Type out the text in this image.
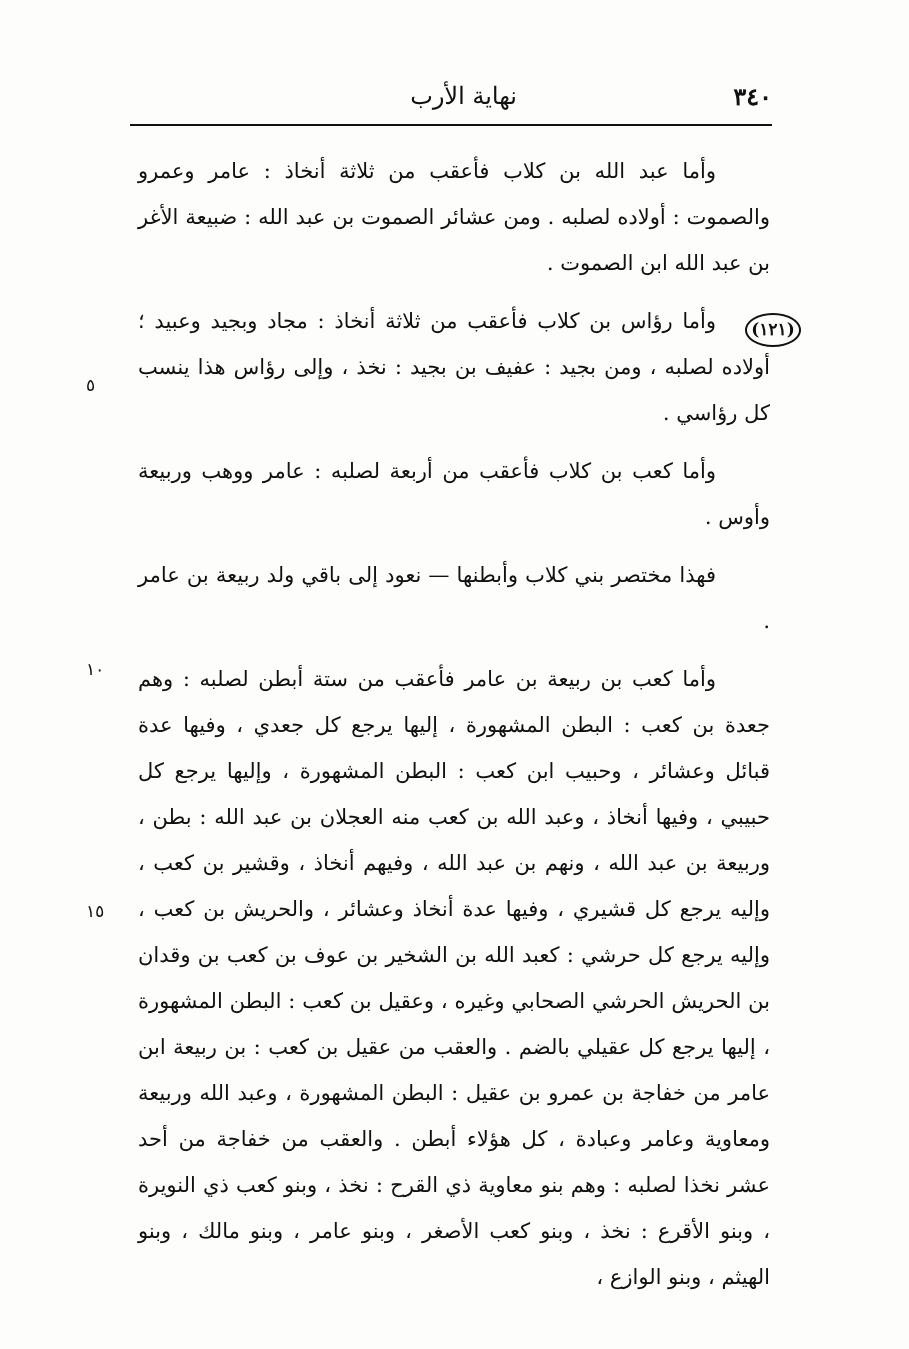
٣٤٠
نهاية الأرب
(١٢١)
٥
١٠
١٥

وأما عبد الله بن كلاب فأعقب من ثلاثة أنخاذ : عامر وعمرو والصموت : أولاده لصلبه . ومن عشائر الصموت بن عبد الله : ضبيعة الأغر بن عبد الله ابن الصموت .

وأما رؤاس بن كلاب فأعقب من ثلاثة أنخاذ : مجاد وبجيد وعبيد ؛ أولاده لصلبه ، ومن بجيد : عفيف بن بجيد : نخذ ، وإلى رؤاس هذا ينسب كل رؤاسي .

وأما كعب بن كلاب فأعقب من أربعة لصلبه : عامر ووهب وربيعة وأوس .

فهذا مختصر بني كلاب وأبطنها — نعود إلى باقي ولد ربيعة بن عامر .

وأما كعب بن ربيعة بن عامر فأعقب من ستة أبطن لصلبه : وهم جعدة بن كعب : البطن المشهورة ، إليها يرجع كل جعدي ، وفيها عدة قبائل وعشائر ، وحبيب ابن كعب : البطن المشهورة ، وإليها يرجع كل حبيبي ، وفيها أنخاذ ، وعبد الله بن كعب منه العجلان بن عبد الله : بطن ، وربيعة بن عبد الله ، ونهم بن عبد الله ، وفيهم أنخاذ ، وقشير بن كعب ، وإليه يرجع كل قشيري ، وفيها عدة أنخاذ وعشائر ، والحريش بن كعب ، وإليه يرجع كل حرشي : كعبد الله بن الشخير بن عوف بن كعب بن وقدان بن الحريش الحرشي الصحابي وغيره ، وعقيل بن كعب : البطن المشهورة ، إليها يرجع كل عقيلي بالضم . والعقب من عقيل بن كعب : بن ربيعة ابن عامر من خفاجة بن عمرو بن عقيل : البطن المشهورة ، وعبد الله وربيعة ومعاوية وعامر وعبادة ، كل هؤلاء أبطن . والعقب من خفاجة من أحد عشر نخذا لصلبه : وهم بنو معاوية ذي القرح : نخذ ، وبنو كعب ذي النويرة ، وبنو الأقرع : نخذ ، وبنو كعب الأصغر ، وبنو عامر ، وبنو مالك ، وبنو الهيثم ، وبنو الوازع ،
